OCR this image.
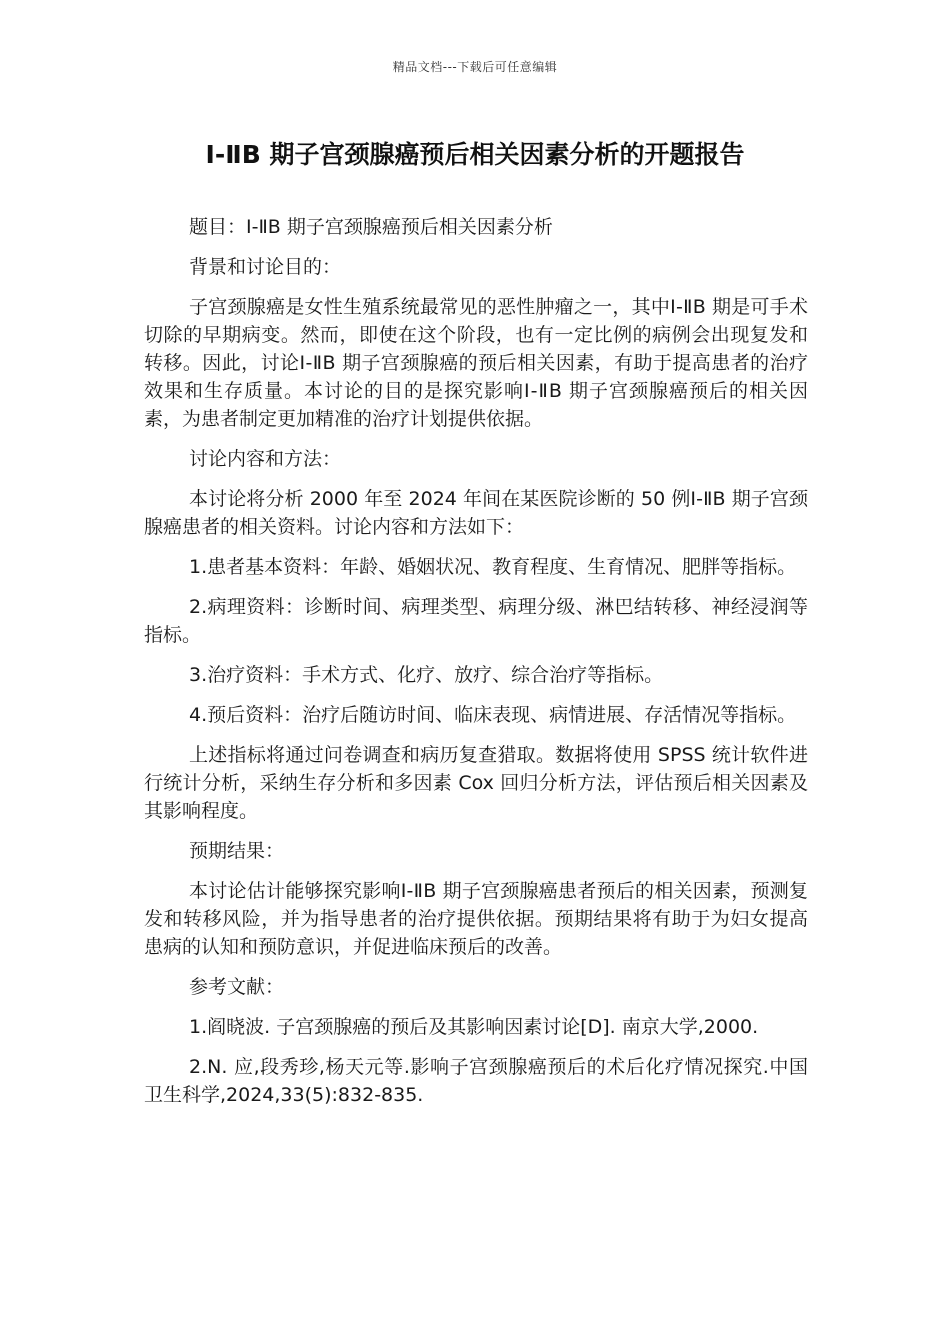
精品文档---下载后可任意编辑
Ⅰ-ⅡB 期子宫颈腺癌预后相关因素分析的开题报告

题目：Ⅰ-ⅡB 期子宫颈腺癌预后相关因素分析

背景和讨论目的：

子宫颈腺癌是女性生殖系统最常见的恶性肿瘤之一，其中Ⅰ-ⅡB 期是可手术切除的早期病变。然而，即使在这个阶段，也有一定比例的病例会出现复发和转移。因此，讨论Ⅰ-ⅡB 期子宫颈腺癌的预后相关因素，有助于提高患者的治疗效果和生存质量。本讨论的目的是探究影响Ⅰ-ⅡB 期子宫颈腺癌预后的相关因素，为患者制定更加精准的治疗计划提供依据。

讨论内容和方法：

本讨论将分析 2000 年至 2024 年间在某医院诊断的 50 例Ⅰ-ⅡB 期子宫颈腺癌患者的相关资料。讨论内容和方法如下：

1.患者基本资料：年龄、婚姻状况、教育程度、生育情况、肥胖等指标。

2.病理资料：诊断时间、病理类型、病理分级、淋巴结转移、神经浸润等指标。

3.治疗资料：手术方式、化疗、放疗、综合治疗等指标。

4.预后资料：治疗后随访时间、临床表现、病情进展、存活情况等指标。

上述指标将通过问卷调查和病历复查猎取。数据将使用 SPSS 统计软件进行统计分析，采纳生存分析和多因素 Cox 回归分析方法，评估预后相关因素及其影响程度。

预期结果：

本讨论估计能够探究影响Ⅰ-ⅡB 期子宫颈腺癌患者预后的相关因素，预测复发和转移风险，并为指导患者的治疗提供依据。预期结果将有助于为妇女提高患病的认知和预防意识，并促进临床预后的改善。

参考文献：

1.阎晓波. 子宫颈腺癌的预后及其影响因素讨论[D]. 南京大学,2000.

2.N. 应,段秀珍,杨天元等.影响子宫颈腺癌预后的术后化疗情况探究.中国卫生科学,2024,33(5):832-835.
